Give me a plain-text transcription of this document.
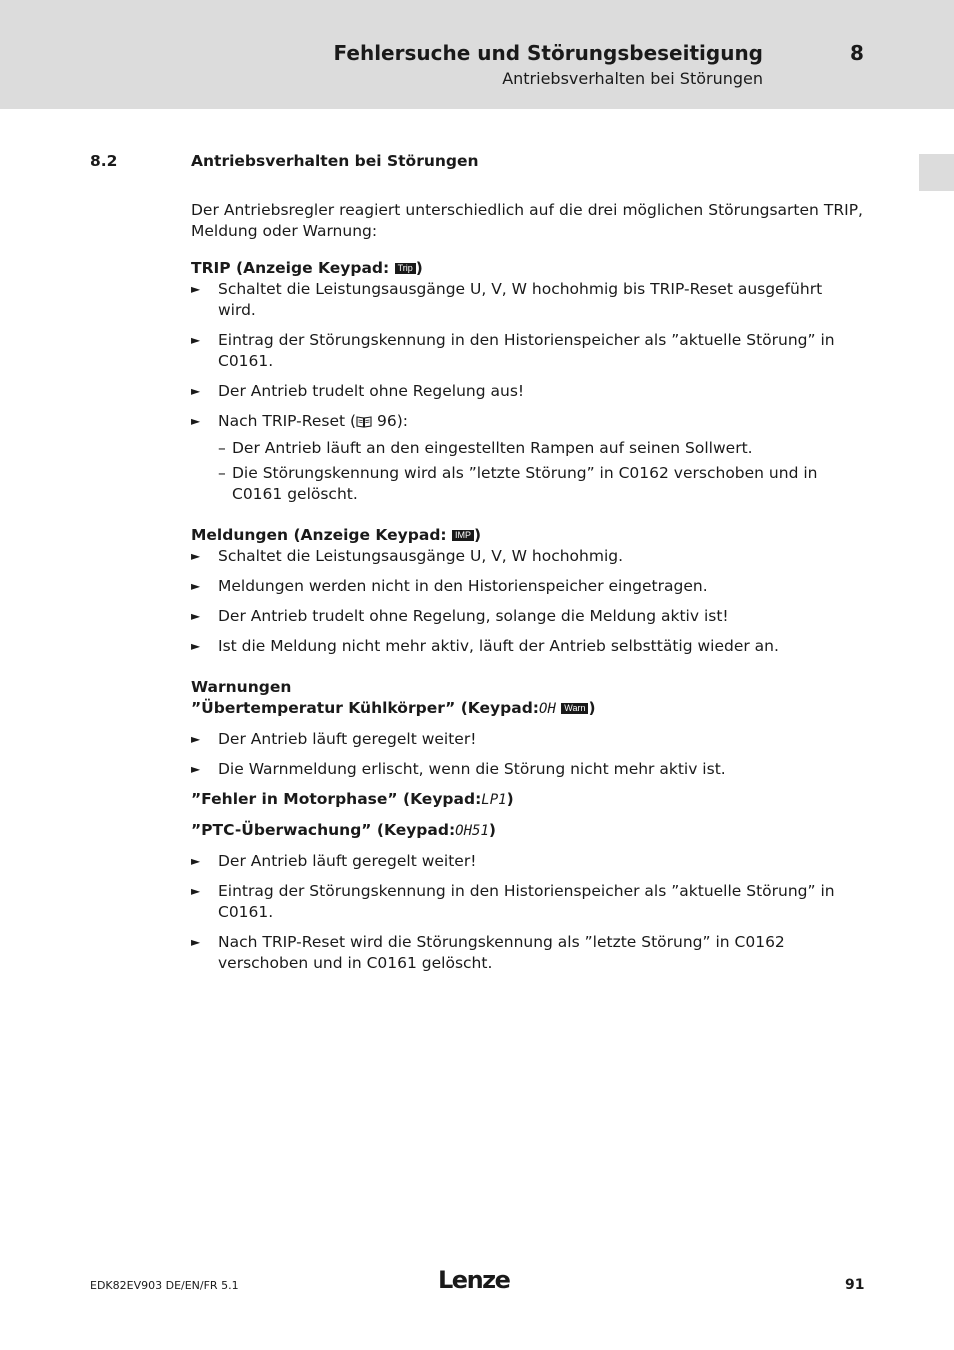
Fehlersuche und Störungsbeseitigung	8
Antriebsverhalten bei Störungen
8.2	Antriebsverhalten bei Störungen

Der Antriebsregler reagiert unterschiedlich auf die drei möglichen Störungsarten TRIP, Meldung oder Warnung:

TRIP (Anzeige Keypad: Trip )

► Schaltet die Leistungsausgänge U, V, W hochohmig bis TRIP-Reset ausgeführt wird.
► Eintrag der Störungskennung in den Historienspeicher als ”aktuelle Störung” in C0161.
► Der Antrieb trudelt ohne Regelung aus!
► Nach TRIP-Reset ( 96):
– Der Antrieb läuft an den eingestellten Rampen auf seinen Sollwert.
– Die Störungskennung wird als ”letzte Störung” in C0162 verschoben und in C0161 gelöscht.

Meldungen (Anzeige Keypad: IMP )

► Schaltet die Leistungsausgänge U, V, W hochohmig.
► Meldungen werden nicht in den Historienspeicher eingetragen.
► Der Antrieb trudelt ohne Regelung, solange die Meldung aktiv ist!
► Ist die Meldung nicht mehr aktiv, läuft der Antrieb selbsttätig wieder an.

Warnungen

”Übertemperatur Kühlkörper” (Keypad:OH Warn )

► Der Antrieb läuft geregelt weiter!
► Die Warnmeldung erlischt, wenn die Störung nicht mehr aktiv ist.

”Fehler in Motorphase” (Keypad:LP1)

”PTC-Überwachung” (Keypad:OH51)

► Der Antrieb läuft geregelt weiter!
► Eintrag der Störungskennung in den Historienspeicher als ”aktuelle Störung” in C0161.
► Nach TRIP-Reset wird die Störungskennung als ”letzte Störung” in C0162 verschoben und in C0161 gelöscht.
EDK82EV903 DE/EN/FR 5.1	Lenze	91
